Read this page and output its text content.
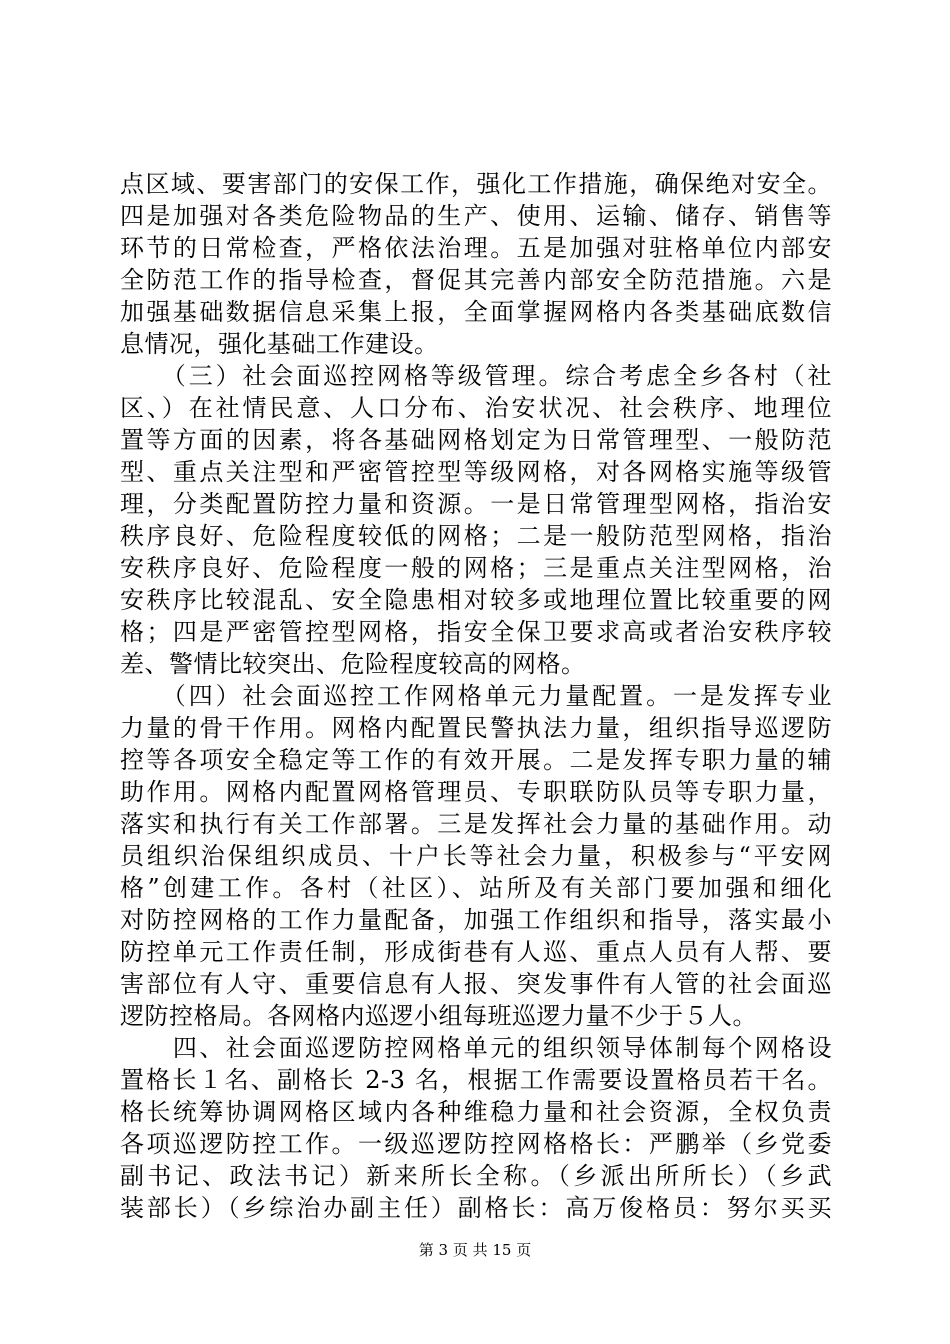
点区域、要害部门的安保工作，强化工作措施，确保绝对安全。
四是加强对各类危险物品的生产、使用、运输、储存、销售等
环节的日常检查，严格依法治理。五是加强对驻格单位内部安
全防范工作的指导检查，督促其完善内部安全防范措施。六是
加强基础数据信息采集上报，全面掌握网格内各类基础底数信
息情况，强化基础工作建设。
　　（三）社会面巡控网格等级管理。综合考虑全乡各村（社
区、）在社情民意、人口分布、治安状况、社会秩序、地理位
置等方面的因素，将各基础网格划定为日常管理型、一般防范
型、重点关注型和严密管控型等级网格，对各网格实施等级管
理，分类配置防控力量和资源。一是日常管理型网格，指治安
秩序良好、危险程度较低的网格；二是一般防范型网格，指治
安秩序良好、危险程度一般的网格；三是重点关注型网格，治
安秩序比较混乱、安全隐患相对较多或地理位置比较重要的网
格；四是严密管控型网格，指安全保卫要求高或者治安秩序较
差、警情比较突出、危险程度较高的网格。
　　（四）社会面巡控工作网格单元力量配置。一是发挥专业
力量的骨干作用。网格内配置民警执法力量，组织指导巡逻防
控等各项安全稳定等工作的有效开展。二是发挥专职力量的辅
助作用。网格内配置网格管理员、专职联防队员等专职力量，
落实和执行有关工作部署。三是发挥社会力量的基础作用。动
员组织治保组织成员、十户长等社会力量，积极参与“平安网
格”创建工作。各村（社区）、站所及有关部门要加强和细化
对防控网格的工作力量配备，加强工作组织和指导，落实最小
防控单元工作责任制，形成街巷有人巡、重点人员有人帮、要
害部位有人守、重要信息有人报、突发事件有人管的社会面巡
逻防控格局。各网格内巡逻小组每班巡逻力量不少于５人。
　　四、社会面巡逻防控网格单元的组织领导体制每个网格设
置格长１名、副格长 2-3 名，根据工作需要设置格员若干名。
格长统筹协调网格区域内各种维稳力量和社会资源，全权负责
各项巡逻防控工作。一级巡逻防控网格格长：严鹏举（乡党委
副书记、政法书记）新来所长全称。（乡派出所所长）（乡武
装部长）（乡综治办副主任）副格长：高万俊格员：努尔买买
第 3 页 共 15 页
